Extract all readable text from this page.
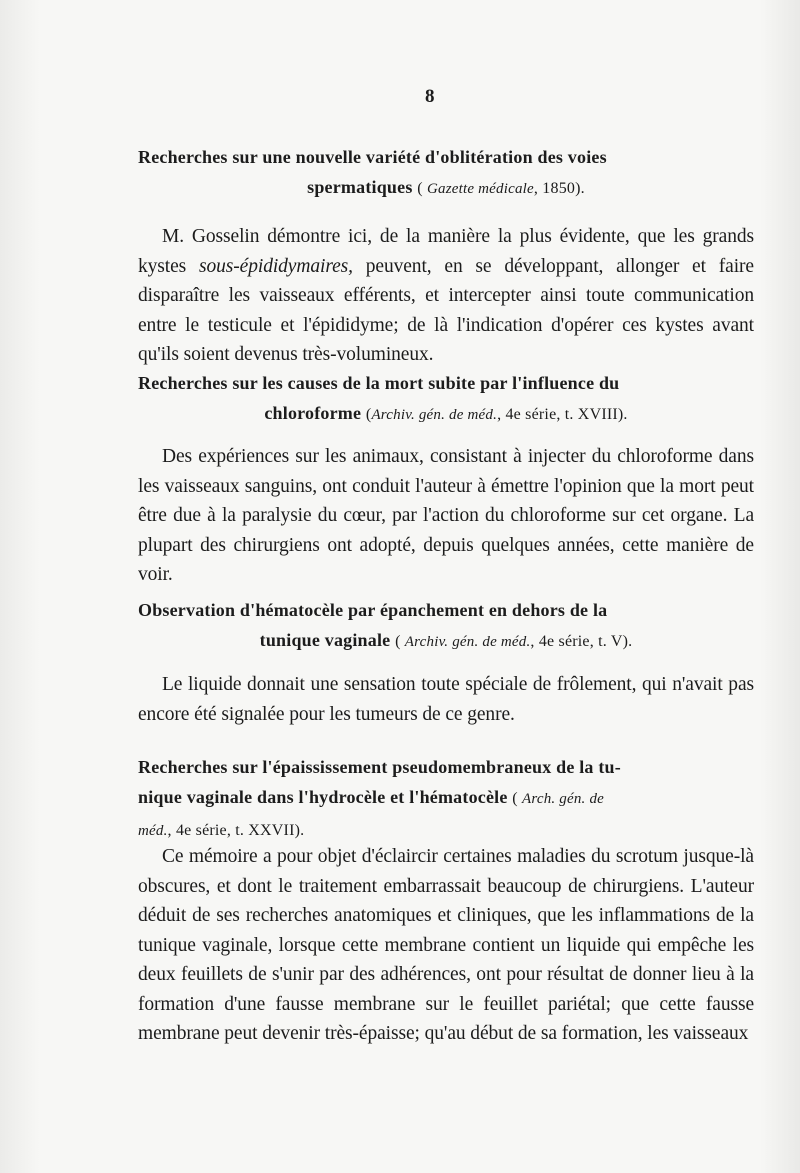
8
Recherches sur une nouvelle variété d'oblitération des voies
spermatiques ( Gazette médicale, 1850).
M. Gosselin démontre ici, de la manière la plus évidente, que les grands kystes sous-épididymaires, peuvent, en se développant, allonger et faire disparaître les vaisseaux efférents, et intercepter ainsi toute communication entre le testicule et l'épididyme; de là l'indication d'opérer ces kystes avant qu'ils soient devenus très-volumineux.
Recherches sur les causes de la mort subite par l'influence du
chloroforme (Archiv. gén. de méd., 4e série, t. XVIII).
Des expériences sur les animaux, consistant à injecter du chloroforme dans les vaisseaux sanguins, ont conduit l'auteur à émettre l'opinion que la mort peut être due à la paralysie du cœur, par l'action du chloroforme sur cet organe. La plupart des chirurgiens ont adopté, depuis quelques années, cette manière de voir.
Observation d'hématocèle par épanchement en dehors de la
tunique vaginale ( Archiv. gén. de méd., 4e série, t. V).
Le liquide donnait une sensation toute spéciale de frôlement, qui n'avait pas encore été signalée pour les tumeurs de ce genre.
Recherches sur l'épaississement pseudomembraneux de la tu-
nique vaginale dans l'hydrocèle et l'hématocèle ( Arch. gén. de
méd., 4e série, t. XXVII).
Ce mémoire a pour objet d'éclaircir certaines maladies du scrotum jusque-là obscures, et dont le traitement embarrassait beaucoup de chirurgiens. L'auteur déduit de ses recherches anatomiques et cliniques, que les inflammations de la tunique vaginale, lorsque cette membrane contient un liquide qui empêche les deux feuillets de s'unir par des adhérences, ont pour résultat de donner lieu à la formation d'une fausse membrane sur le feuillet pariétal; que cette fausse membrane peut devenir très-épaisse; qu'au début de sa formation, les vaisseaux
